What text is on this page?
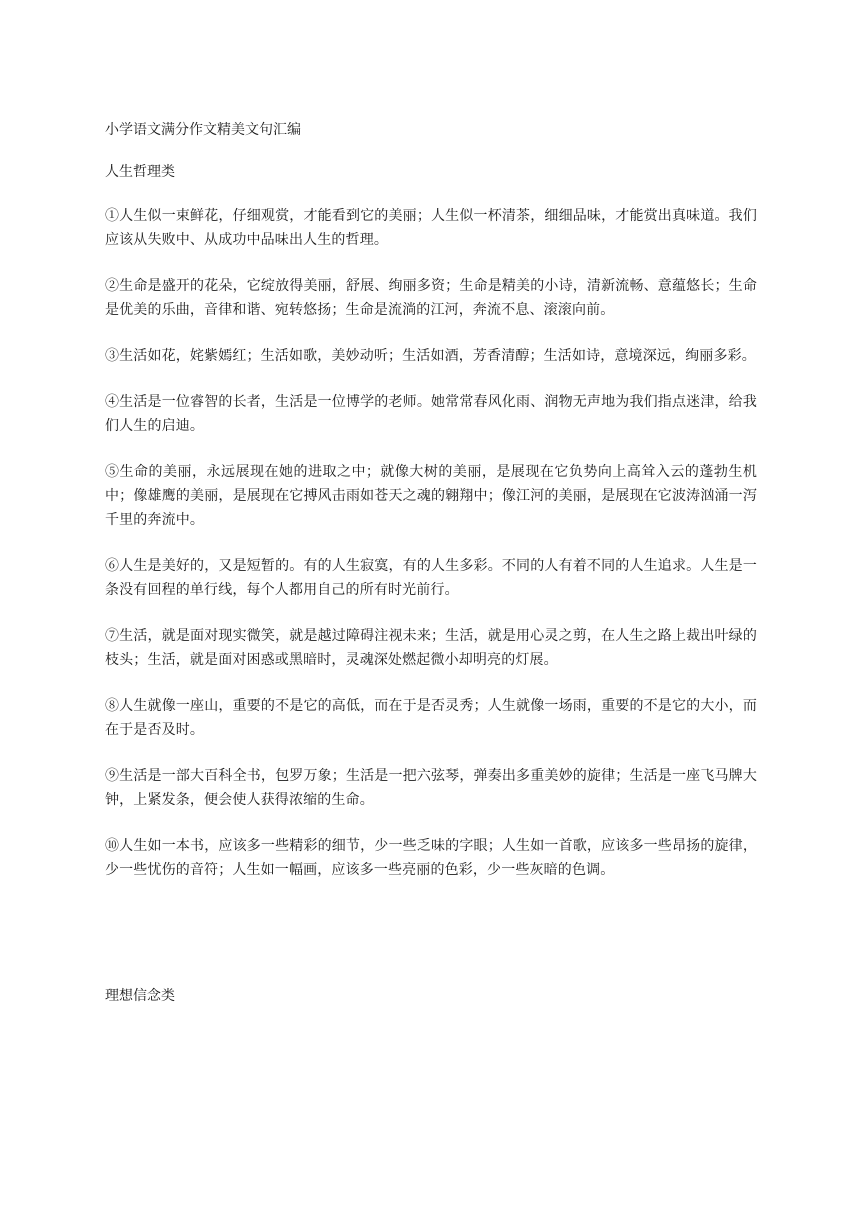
小学语文满分作文精美文句汇编

人生哲理类

①人生似一束鲜花，仔细观赏，才能看到它的美丽；人生似一杯清茶，细细品味，才能赏出真味道。我们应该从失败中、从成功中品味出人生的哲理。

②生命是盛开的花朵，它绽放得美丽，舒展、绚丽多资；生命是精美的小诗，清新流畅、意蕴悠长；生命是优美的乐曲，音律和谐、宛转悠扬；生命是流淌的江河，奔流不息、滚滚向前。

③生活如花，姹紫嫣红；生活如歌，美妙动听；生活如酒，芳香清醇；生活如诗，意境深远，绚丽多彩。

④生活是一位睿智的长者，生活是一位博学的老师。她常常春风化雨、润物无声地为我们指点迷津，给我们人生的启迪。

⑤生命的美丽，永远展现在她的进取之中；就像大树的美丽，是展现在它负势向上高耸入云的蓬勃生机中；像雄鹰的美丽，是展现在它搏风击雨如苍天之魂的翱翔中；像江河的美丽，是展现在它波涛汹涌一泻千里的奔流中。

⑥人生是美好的，又是短暂的。有的人生寂寞，有的人生多彩。不同的人有着不同的人生追求。人生是一条没有回程的单行线，每个人都用自己的所有时光前行。

⑦生活，就是面对现实微笑，就是越过障碍注视未来；生活，就是用心灵之剪，在人生之路上裁出叶绿的枝头；生活，就是面对困惑或黑暗时，灵魂深处燃起微小却明亮的灯展。

⑧人生就像一座山，重要的不是它的高低，而在于是否灵秀；人生就像一场雨，重要的不是它的大小，而在于是否及时。

⑨生活是一部大百科全书，包罗万象；生活是一把六弦琴，弹奏出多重美妙的旋律；生活是一座飞马牌大钟，上紧发条，便会使人获得浓缩的生命。

⑩人生如一本书，应该多一些精彩的细节，少一些乏味的字眼；人生如一首歌，应该多一些昂扬的旋律，少一些忧伤的音符；人生如一幅画，应该多一些亮丽的色彩，少一些灰暗的色调。

理想信念类
